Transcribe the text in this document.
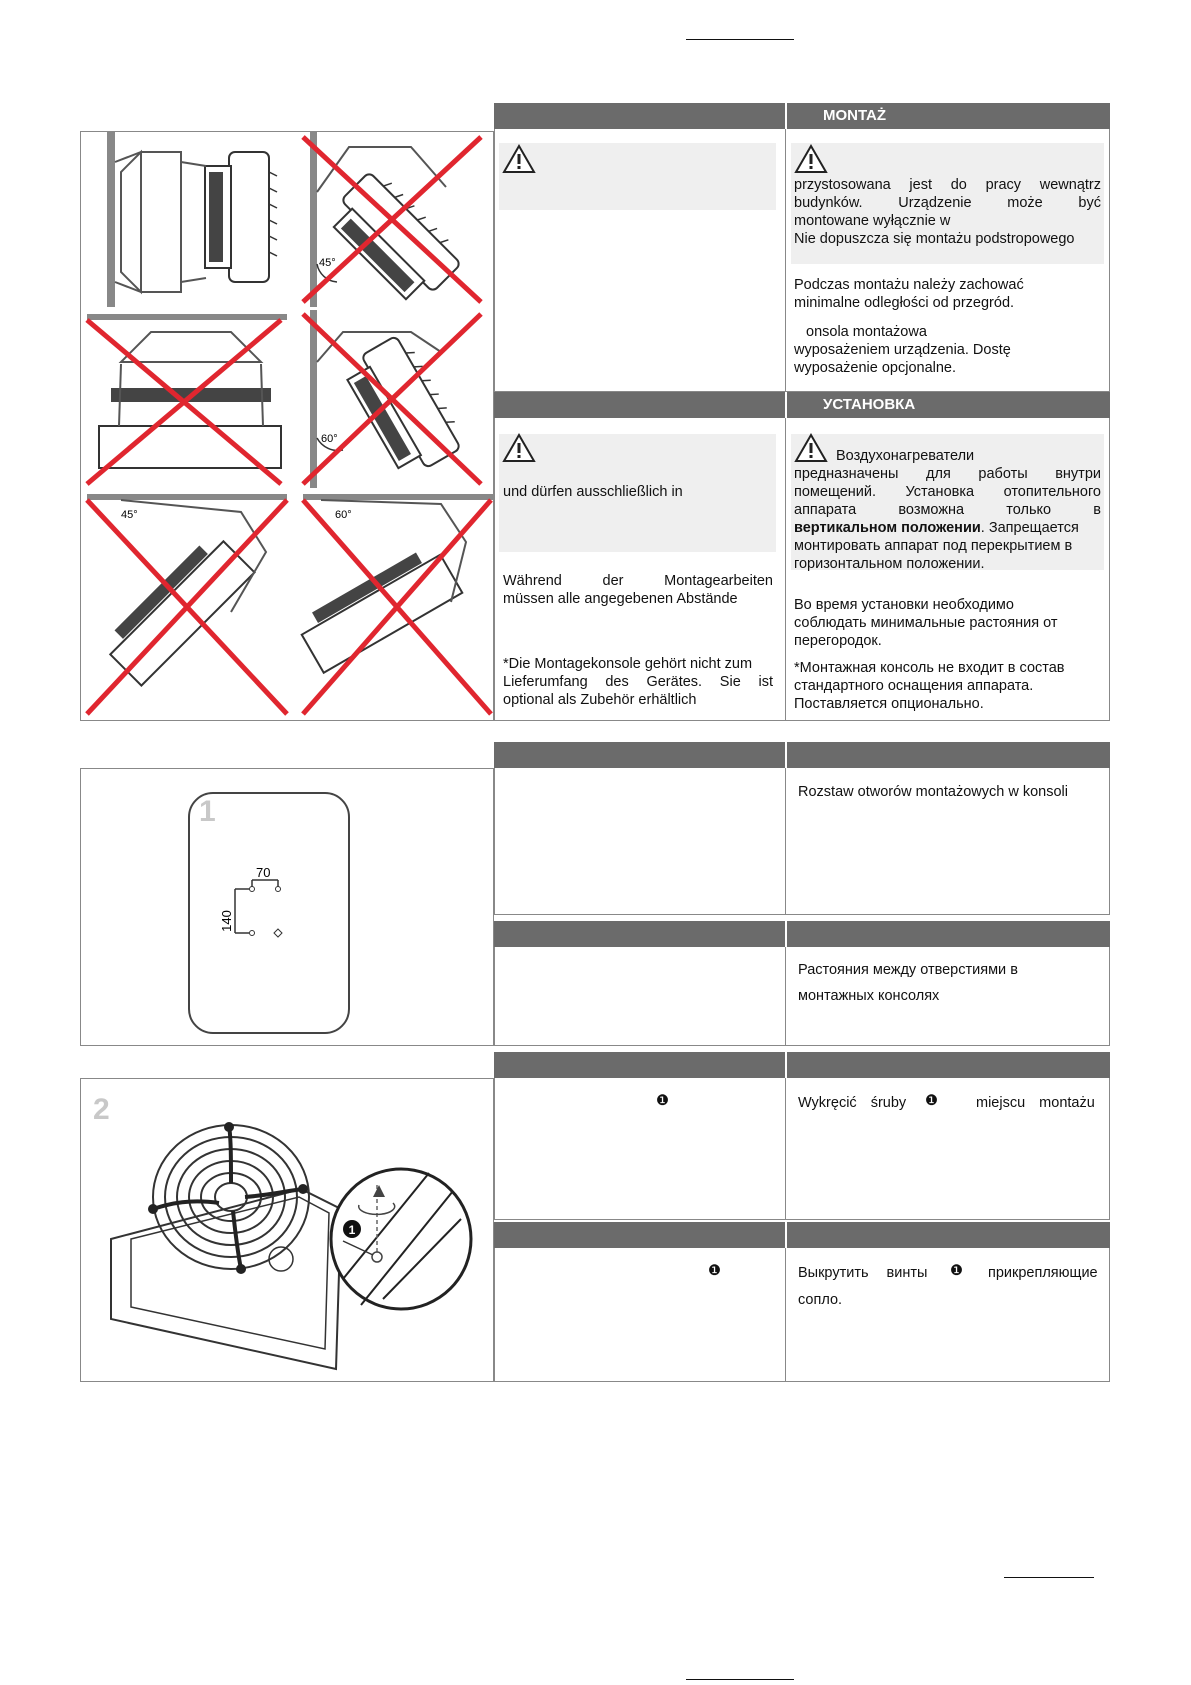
45°
60°
45°	60°
MONTAŻ
przystosowana jest do pracy wewnątrz
budynków. Urządzenie może być
montowane wyłącznie w
Nie dopuszcza się montażu podstropowego
Podczas montażu należy zachować
minimalne odległości od przegród.
onsola montażowa
wyposażeniem urządzenia. Dostę
wyposażenie opcjonalne.
УСТАНОВКА
und dürfen ausschließlich in
Während der Montagearbeiten
müssen alle angegebenen Abstände
*Die Montagekonsole gehört nicht zum
Lieferumfang des Gerätes. Sie ist
optional als Zubehör erhältlich
Воздухонагреватели
предназначены для работы внутри
помещений. Установка отопительного
аппарата возможна только в
вертикальном положении. Запрещается
монтировать аппарат под перекрытием в
горизонтальном положении.
Во время установки необходимо
соблюдать минимальные растояния от
перегородок.
*Монтажная консоль не входит в состав
стандартного оснащения аппарата.
Поставляется опционально.
1
70
140
Rozstaw otworów montażowych w konsoli
Растояния между отверстиями в
монтажных консолях
2
1
❶	Wykręcić śruby	❶	miejscu montażu
❶	Выкрутить винты	❶	прикрепляющие
сопло.
